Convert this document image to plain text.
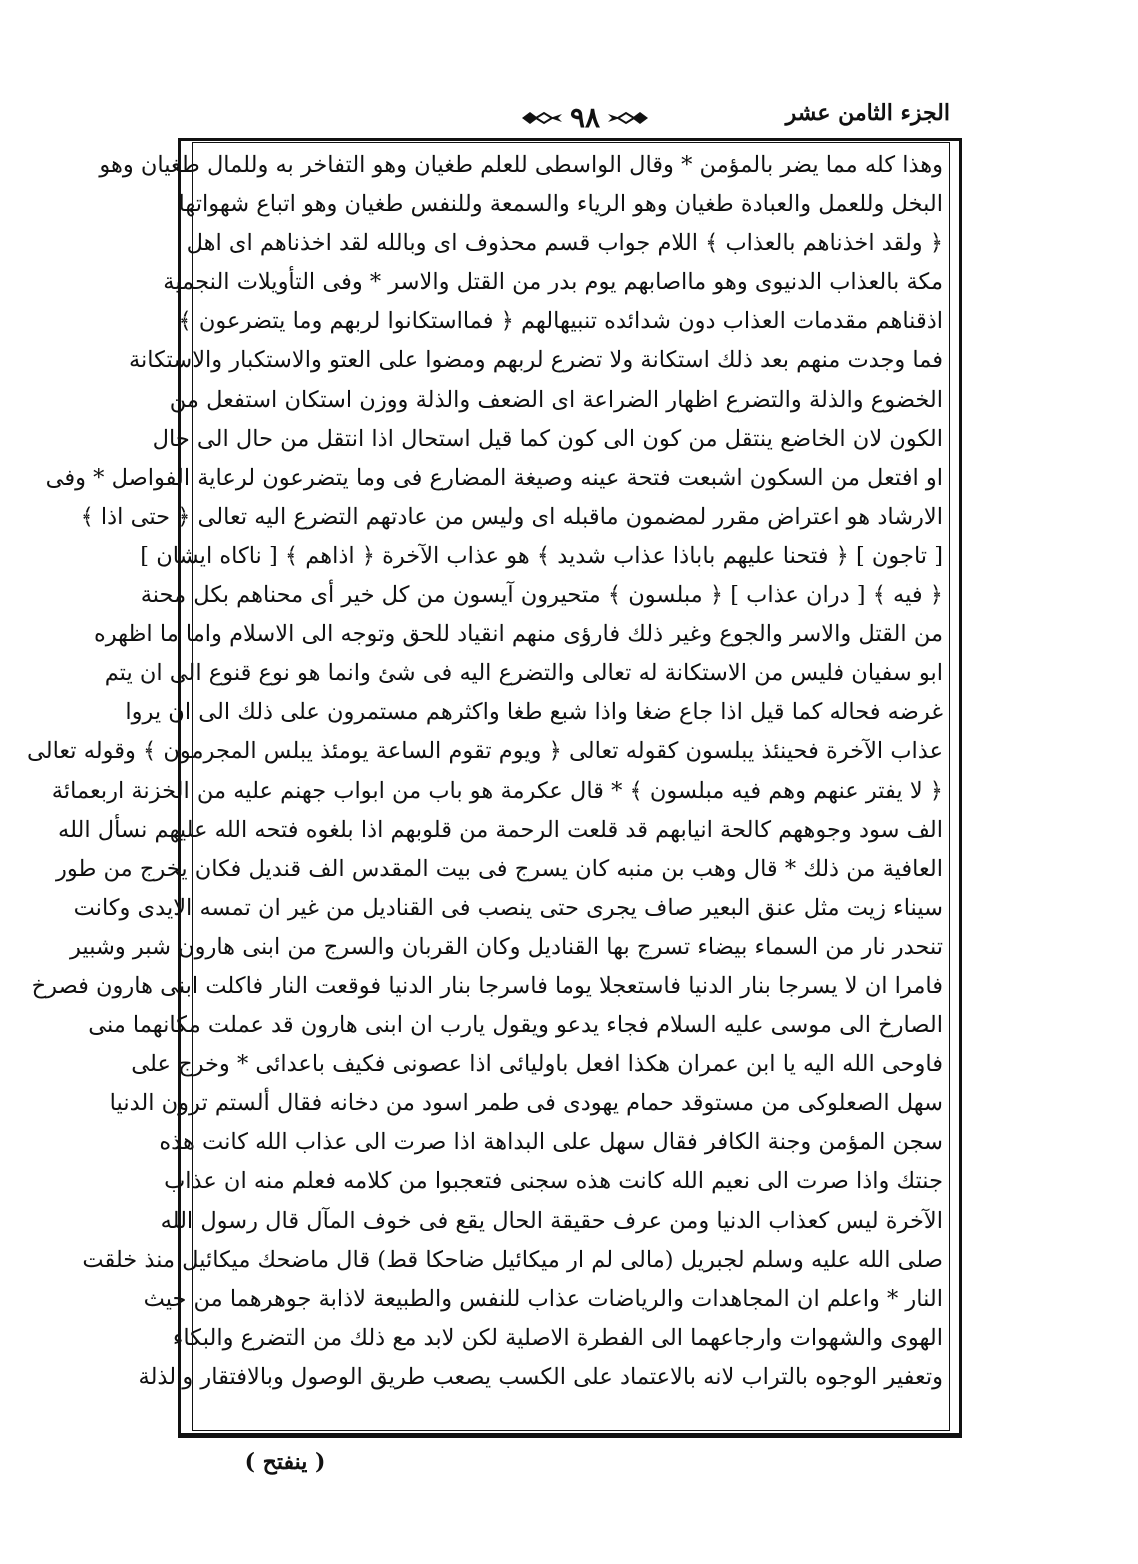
الجزء الثامن عشر
٩٨
وهذا كله مما يضر بالمؤمن * وقال الواسطى للعلم طغيان وهو التفاخر به وللمال طغيان وهو
البخل وللعمل والعبادة طغيان وهو الرياء والسمعة وللنفس طغيان وهو اتباع شهواتها
﴿ ولقد اخذناهم بالعذاب ﴾ اللام جواب قسم محذوف اى وبالله لقد اخذناهم اى اهل
مكة بالعذاب الدنيوى وهو مااصابهم يوم بدر من القتل والاسر * وفى التأويلات النجمية
اذقناهم مقدمات العذاب دون شدائده تنبيهالهم ﴿ فمااستكانوا لربهم وما يتضرعون ﴾
فما وجدت منهم بعد ذلك استكانة ولا تضرع لربهم ومضوا على العتو والاستكبار والاستكانة
الخضوع والذلة والتضرع اظهار الضراعة اى الضعف والذلة ووزن استكان استفعل من
الكون لان الخاضع ينتقل من كون الى كون كما قيل استحال اذا انتقل من حال الى حال
او افتعل من السكون اشبعت فتحة عينه وصيغة المضارع فى وما يتضرعون لرعاية الفواصل * وفى
الارشاد هو اعتراض مقرر لمضمون ماقبله اى وليس من عادتهم التضرع اليه تعالى ﴿ حتى اذا ﴾
[ تاجون ] ﴿ فتحنا عليهم باباذا عذاب شديد ﴾ هو عذاب الآخرة ﴿ اذاهم ﴾ [ ناكاه ايشان ]
﴿ فيه ﴾ [ دران عذاب ] ﴿ مبلسون ﴾ متحيرون آيسون من كل خير أى محناهم بكل محنة
من القتل والاسر والجوع وغير ذلك فارؤى منهم انقياد للحق وتوجه الى الاسلام واما ما اظهره
ابو سفيان فليس من الاستكانة له تعالى والتضرع اليه فى شئ وانما هو نوع قنوع الى ان يتم
غرضه فحاله كما قيل اذا جاع ضغا واذا شبع طغا واكثرهم مستمرون على ذلك الى ان يروا
عذاب الآخرة فحينئذ يبلسون كقوله تعالى ﴿ ويوم تقوم الساعة يومئذ يبلس المجرمون ﴾ وقوله تعالى
﴿ لا يفتر عنهم وهم فيه مبلسون ﴾ * قال عكرمة هو باب من ابواب جهنم عليه من الخزنة اربعمائة
الف سود وجوههم كالحة انيابهم قد قلعت الرحمة من قلوبهم اذا بلغوه فتحه الله عليهم نسأل الله
العافية من ذلك * قال وهب بن منبه كان يسرج فى بيت المقدس الف قنديل فكان يخرج من طور
سيناء زيت مثل عنق البعير صاف يجرى حتى ينصب فى القناديل من غير ان تمسه الايدى وكانت
تنحدر نار من السماء بيضاء تسرج بها القناديل وكان القربان والسرج من ابنى هارون شبر وشبير
فامرا ان لا يسرجا بنار الدنيا فاستعجلا يوما فاسرجا بنار الدنيا فوقعت النار فاكلت ابنى هارون فصرخ
الصارخ الى موسى عليه السلام فجاء يدعو ويقول يارب ان ابنى هارون قد عملت مكانهما منى
فاوحى الله اليه يا ابن عمران هكذا افعل باوليائى اذا عصونى فكيف باعدائى * وخرج على
سهل الصعلوكى من مستوقد حمام يهودى فى طمر اسود من دخانه فقال ألستم ترون الدنيا
سجن المؤمن وجنة الكافر فقال سهل على البداهة اذا صرت الى عذاب الله كانت هذه
جنتك واذا صرت الى نعيم الله كانت هذه سجنى فتعجبوا من كلامه فعلم منه ان عذاب
الآخرة ليس كعذاب الدنيا ومن عرف حقيقة الحال يقع فى خوف المآل قال رسول الله
صلى الله عليه وسلم لجبريل (مالى لم ار ميكائيل ضاحكا قط) قال ماضحك ميكائيل منذ خلقت
النار * واعلم ان المجاهدات والرياضات عذاب للنفس والطبيعة لاذابة جوهرهما من حيث
الهوى والشهوات وارجاعهما الى الفطرة الاصلية لكن لابد مع ذلك من التضرع والبكاء
وتعفير الوجوه بالتراب لانه بالاعتماد على الكسب يصعب طريق الوصول وبالافتقار والذلة
( ينفتح )
